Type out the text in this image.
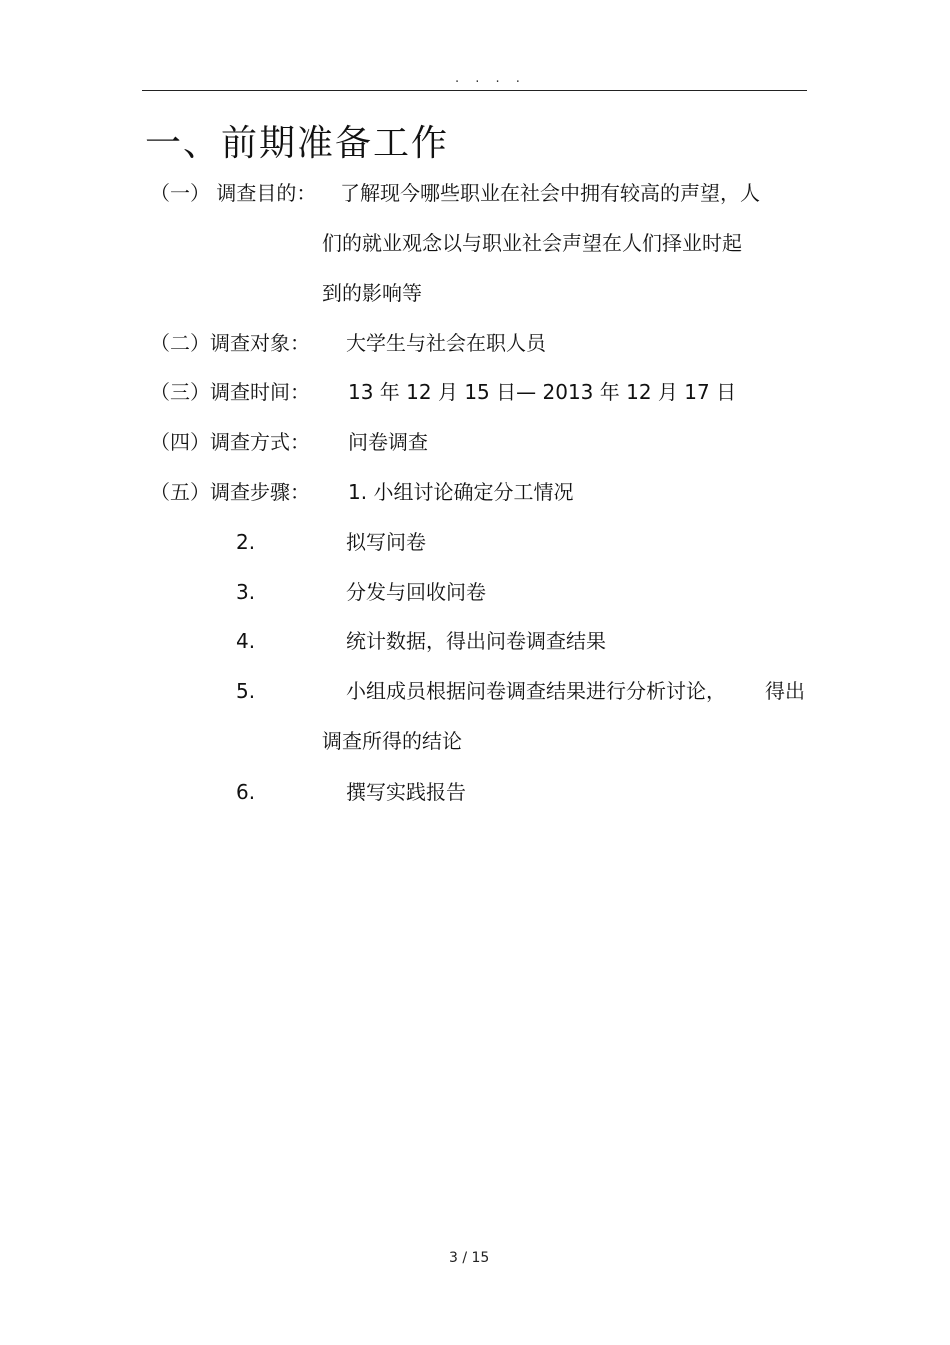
. . . .
一、前期准备工作
（一） 调查目的： 了解现今哪些职业在社会中拥有较高的声望，人
们的就业观念以与职业社会声望在人们择业时起
到的影响等
（二）调查对象： 大学生与社会在职人员
（三）调查时间： 13 年 12 月 15 日— 2013 年 12 月 17 日
（四）调查方式： 问卷调查
（五）调查步骤： 1. 小组讨论确定分工情况
2.	拟写问卷
3.	分发与回收问卷
4.	统计数据，得出问卷调查结果
5.	小组成员根据问卷调查结果进行分析讨论， 得出
调查所得的结论
6.	撰写实践报告
3 / 15
